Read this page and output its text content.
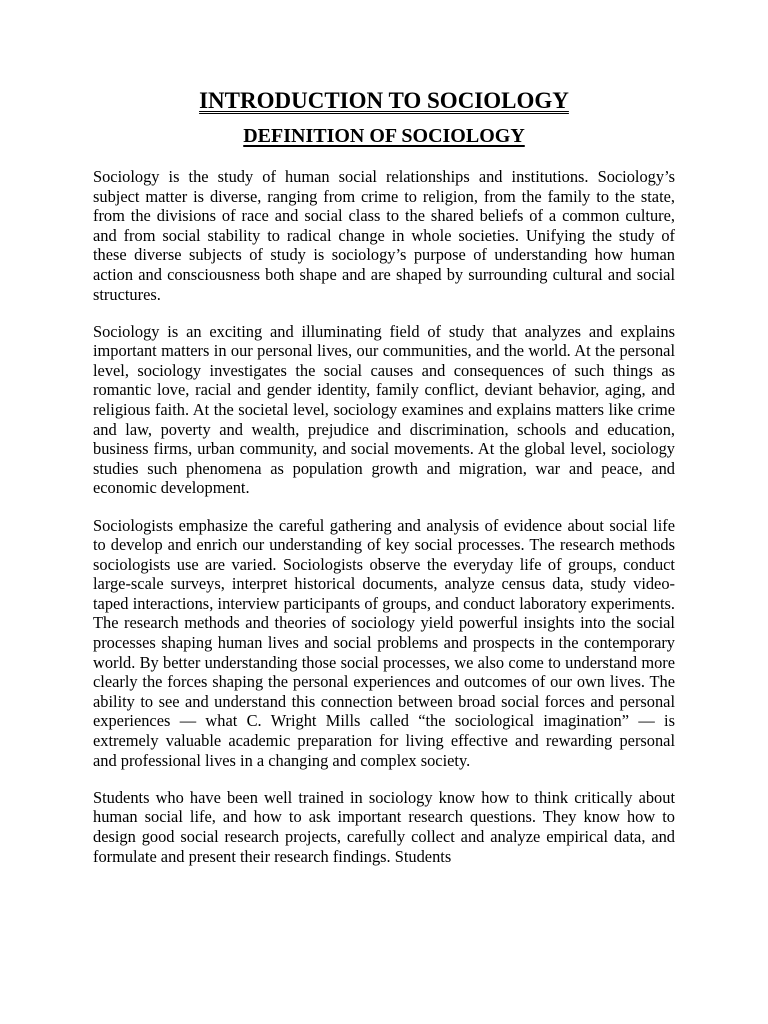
INTRODUCTION TO SOCIOLOGY
DEFINITION OF SOCIOLOGY

Sociology is the study of human social relationships and institutions. Sociology’s subject matter is diverse, ranging from crime to religion, from the family to the state, from the divisions of race and social class to the shared beliefs of a common culture, and from social stability to radical change in whole societies. Unifying the study of these diverse subjects of study is sociology’s purpose of understanding how human action and consciousness both shape and are shaped by surrounding cultural and social structures.

Sociology is an exciting and illuminating field of study that analyzes and explains important matters in our personal lives, our communities, and the world. At the personal level, sociology investigates the social causes and consequences of such things as romantic love, racial and gender identity, family conflict, deviant behavior, aging, and religious faith. At the societal level, sociology examines and explains matters like crime and law, poverty and wealth, prejudice and discrimination, schools and education, business firms, urban community, and social movements. At the global level, sociology studies such phenomena as population growth and migration, war and peace, and economic development.

Sociologists emphasize the careful gathering and analysis of evidence about social life to develop and enrich our understanding of key social processes. The research methods sociologists use are varied. Sociologists observe the everyday life of groups, conduct large-scale surveys, interpret historical documents, analyze census data, study video-taped interactions, interview participants of groups, and conduct laboratory experiments. The research methods and theories of sociology yield powerful insights into the social processes shaping human lives and social problems and prospects in the contemporary world. By better understanding those social processes, we also come to understand more clearly the forces shaping the personal experiences and outcomes of our own lives. The ability to see and understand this connection between broad social forces and personal experiences — what C. Wright Mills called “the sociological imagination” — is extremely valuable academic preparation for living effective and rewarding personal and professional lives in a changing and complex society.

Students who have been well trained in sociology know how to think critically about human social life, and how to ask important research questions. They know how to design good social research projects, carefully collect and analyze empirical data, and formulate and present their research findings. Students
